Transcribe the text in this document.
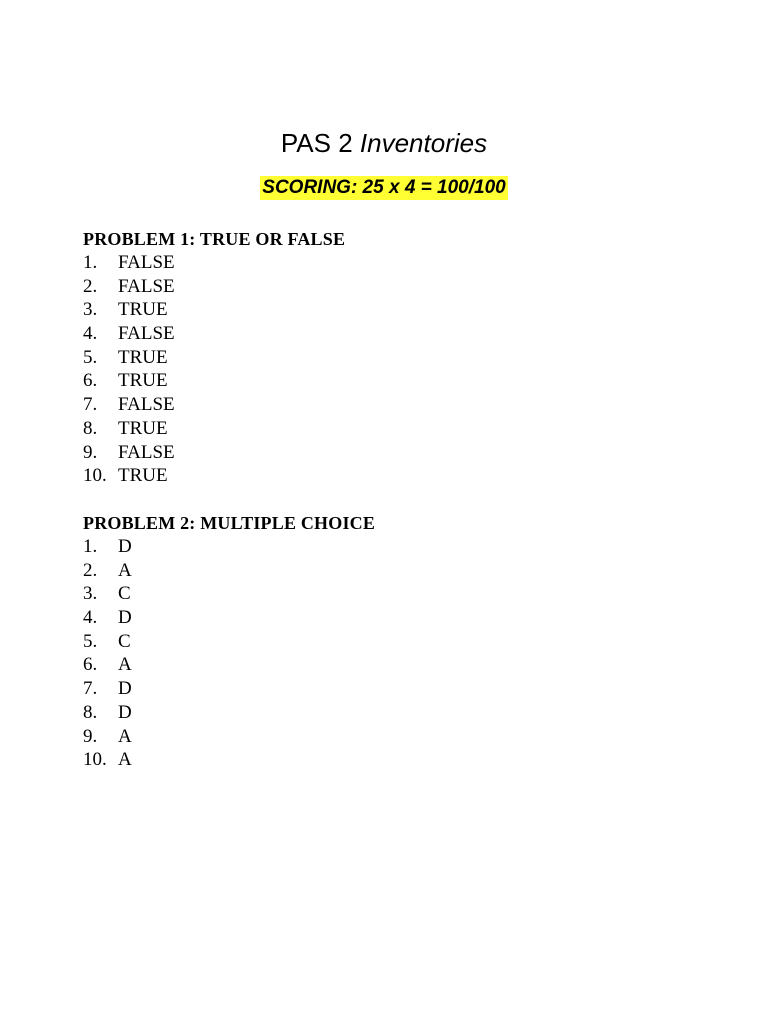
PAS 2 Inventories
SCORING: 25 x 4 = 100/100

PROBLEM 1: TRUE OR FALSE

1. FALSE
2. FALSE
3. TRUE
4. FALSE
5. TRUE
6. TRUE
7. FALSE
8. TRUE
9. FALSE
10. TRUE

PROBLEM 2: MULTIPLE CHOICE

1. D
2. A
3. C
4. D
5. C
6. A
7. D
8. D
9. A
10. A
